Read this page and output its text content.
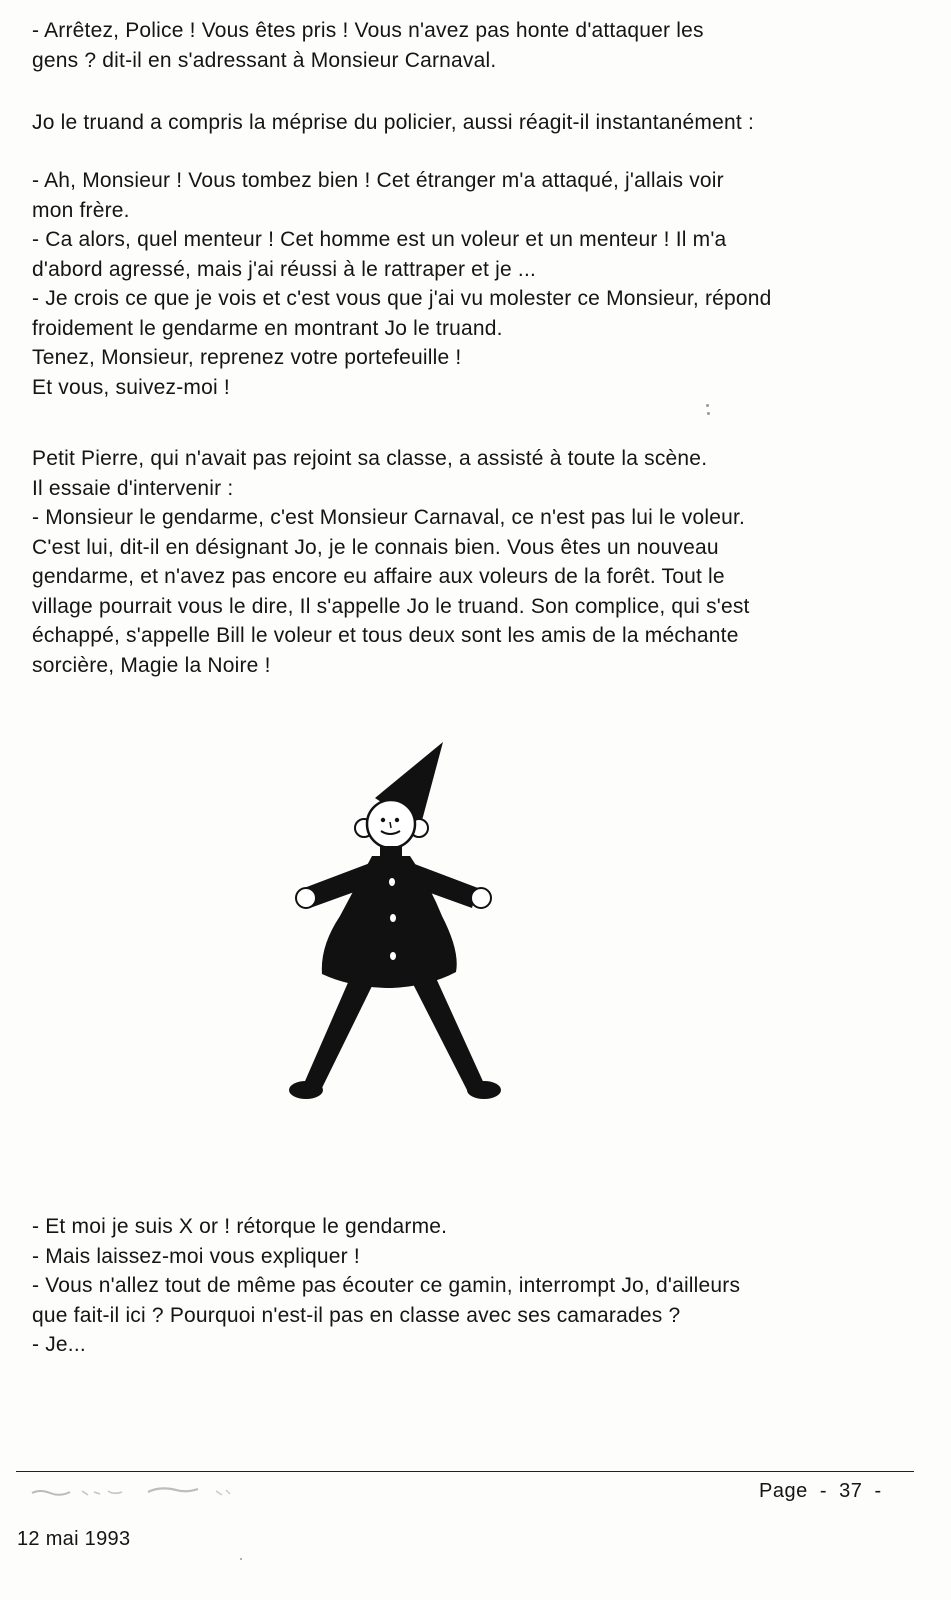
- Arrêtez, Police ! Vous êtes pris ! Vous n'avez pas honte d'attaquer les

gens ? dit-il en s'adressant à Monsieur Carnaval.

Jo le truand a compris la méprise du policier, aussi réagit-il instantanément :

- Ah, Monsieur ! Vous tombez bien ! Cet étranger m'a attaqué, j'allais voir

mon frère.

- Ca alors, quel menteur ! Cet homme est un voleur et un menteur ! Il m'a

d'abord agressé, mais j'ai réussi à le rattraper et je ...

- Je crois ce que je vois et c'est vous que j'ai vu molester ce Monsieur, répond

froidement le gendarme en montrant Jo le truand.

Tenez, Monsieur, reprenez votre portefeuille !

Et vous, suivez-moi !

Petit Pierre, qui n'avait pas rejoint sa classe, a assisté à toute la scène.

Il essaie d'intervenir :

- Monsieur le gendarme, c'est Monsieur Carnaval, ce n'est pas lui le voleur.

C'est lui, dit-il en désignant Jo, je le connais bien. Vous êtes un nouveau

gendarme, et n'avez pas encore eu affaire aux voleurs de la forêt. Tout le

village pourrait vous le dire, Il s'appelle Jo le truand. Son complice, qui s'est

échappé, s'appelle Bill le voleur et tous deux sont les amis de la méchante

sorcière, Magie la Noire !

- Et moi je suis X or ! rétorque le gendarme.

- Mais laissez-moi vous expliquer !

- Vous n'allez tout de même pas écouter ce gamin, interrompt Jo, d'ailleurs

que fait-il ici ? Pourquoi n'est-il pas en classe avec ses camarades ?

- Je...

Page  -  37  -
12 mai 1993
